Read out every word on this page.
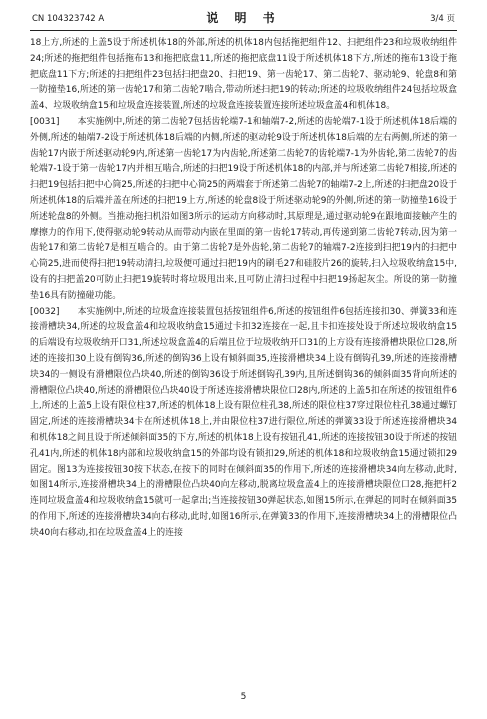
CN 104323742 A	说 明 书	3/4 页

18上方,所述的上盖5设于所述机体18的外部,所述的机体18内包括拖把组件12、扫把组件23和垃圾收纳组件24;所述的拖把组件包括拖布13和拖把底盘11,所述的拖把底盘11设于所述机体18下方,所述的拖布13设于拖把底盘11下方;所述的扫把组件23包括扫把盘20、扫把19、第一齿轮17、第二齿轮7、驱动轮9、轮盘8和第一防撞垫16,所述的第一齿轮17和第二齿轮7啮合,带动所述扫把19的转动;所述的垃圾收纳组件24包括垃圾盒盖4、垃圾收纳盒15和垃圾盒连接装置,所述的垃圾盒连接装置连接所述垃圾盒盖4和机体18。

[0031] 本实施例中,所述的第二齿轮7包括齿轮端7-1和轴端7-2,所述的齿轮端7-1设于所述机体18后端的外侧,所述的轴端7-2设于所述机体18后端的内侧,所述的驱动轮9设于所述机体18后端的左右两侧,所述的第一齿轮17内嵌于所述驱动轮9内,所述第一齿轮17为内齿轮,所述第二齿轮7的齿轮端7-1为外齿轮,第二齿轮7的齿轮端7-1设于第一齿轮17内并相互啮合,所述的扫把19设于所述机体18的内部,并与所述第二齿轮7相接,所述的扫把19包括扫把中心筒25,所述的扫把中心筒25的两端套于所述第二齿轮7的轴端7-2上,所述的扫把盘20设于所述机体18的后端并盖在所述的扫把19上方,所述的轮盘8设于所述驱动轮9的外侧,所述的第一防撞垫16设于所述轮盘8的外侧。当推动拖扫机沿如图3所示的运动方向移动时,其原理是,通过驱动轮9在跟地面接触产生的摩擦力的作用下,使得驱动轮9转动从而带动内嵌在里面的第一齿轮17转动,再传递到第二齿轮7转动,因为第一齿轮17和第二齿轮7是相互啮合的。由于第二齿轮7是外齿轮,第二齿轮7的轴端7-2连接到扫把19内的扫把中心筒25,进而使得扫把19转动清扫,垃圾便可通过扫把19内的刷毛27和硅胶片26的旋转,扫入垃圾收纳盒15中,设有的扫把盖20可防止扫把19旋转时将垃圾甩出来,且可防止清扫过程中扫把19扬起灰尘。所设的第一防撞垫16具有防撞碰功能。

[0032] 本实施例中,所述的垃圾盒连接装置包括按钮组件6,所述的按钮组件6包括连接扣30、弹簧33和连接滑槽块34,所述的垃圾盒盖4和垃圾收纳盒15通过卡扣32连接在一起,且卡扣连接处设于所述垃圾收纳盒15的后端设有垃圾收纳开口31,所述垃圾盒盖4的后端且位于垃圾收纳开口31的上方设有连接滑槽块限位口28,所述的连接扣30上设有倒钩36,所述的倒钩36上设有倾斜面35,连接滑槽块34上设有倒钩孔39,所述的连接滑槽块34的一侧设有滑槽限位凸块40,所述的倒钩36设于所述倒钩孔39内,且所述倒钩36的倾斜面35背向所述的滑槽限位凸块40,所述的滑槽限位凸块40设于所述连接滑槽块限位口28内,所述的上盖5扣在所述的按钮组件6上,所述的上盖5上设有限位柱37,所述的机体18上设有限位柱孔38,所述的限位柱37穿过限位柱孔38通过螺钉固定,所述的连接滑槽块34卡在所述机体18上,并由限位柱37进行限位,所述的弹簧33设于所述连接滑槽块34和机体18之间且设于所述倾斜面35的下方,所述的机体18上设有按钮孔41,所述的连接按钮30设于所述的按钮孔41内,所述的机体18内部和垃圾收纳盒15的外部均设有锁扣29,所述的机体18和垃圾收纳盒15通过锁扣29固定。图13为连接按钮30按下状态,在按下的同时在倾斜面35的作用下,所述的连接滑槽块34向左移动,此时,如图14所示,连接滑槽块34上的滑槽限位凸块40向左移动,脱离垃圾盒盖4上的连接滑槽块限位口28,拖把杆2连同垃圾盒盖4和垃圾收纳盒15就可一起拿出;当连接按钮30弹起状态,如图15所示,在弹起的同时在倾斜面35的作用下,所述的连接滑槽块34向右移动,此时,如图16所示,在弹簧33的作用下,连接滑槽块34上的滑槽限位凸块40向右移动,扣在垃圾盒盖4上的连接

5
